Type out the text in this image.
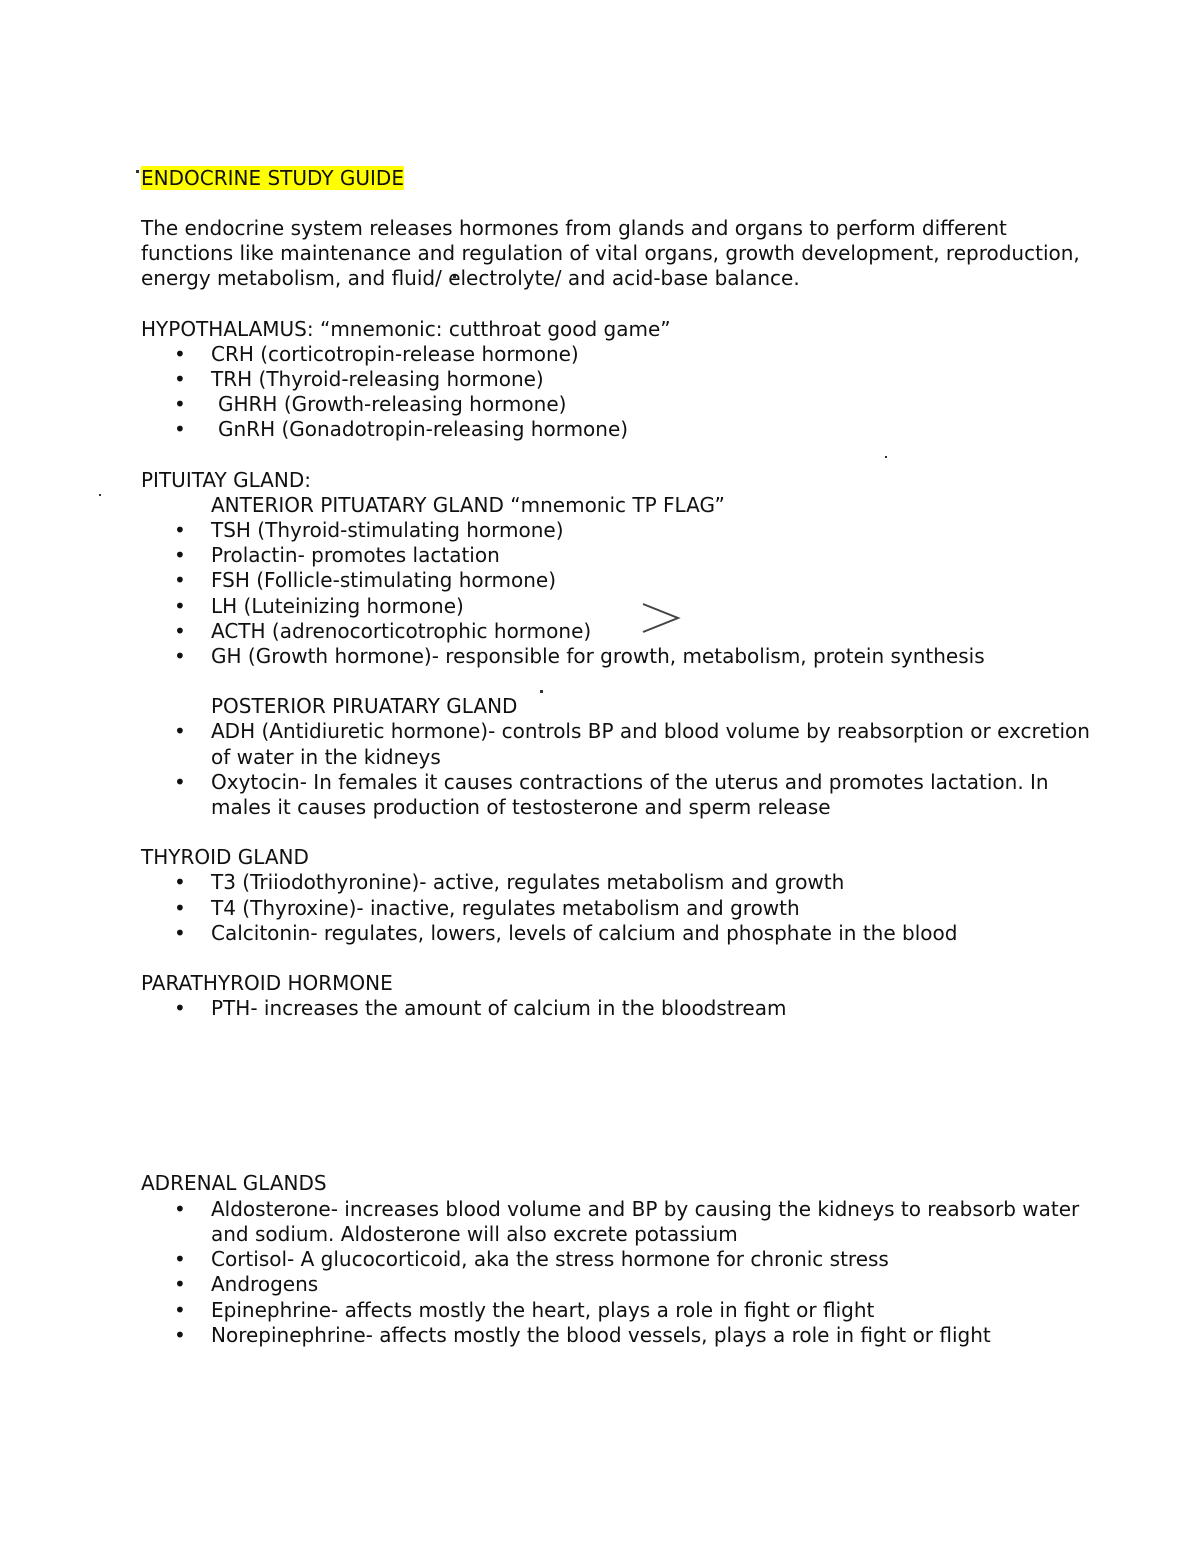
ENDOCRINE STUDY GUIDE
The endocrine system releases hormones from glands and organs to perform different functions like maintenance and regulation of vital organs, growth development, reproduction, energy metabolism, and fluid/ electrolyte/ and acid-base balance.
HYPOTHALAMUS: “mnemonic: cutthroat good game”
• CRH (corticotropin-release hormone)
• TRH (Thyroid-releasing hormone)
• GHRH (Growth-releasing hormone)
• GnRH (Gonadotropin-releasing hormone)
PITUITAY GLAND:
ANTERIOR PITUATARY GLAND “mnemonic TP FLAG”
• TSH (Thyroid-stimulating hormone)
• Prolactin- promotes lactation
• FSH (Follicle-stimulating hormone)
• LH (Luteinizing hormone)
• ACTH (adrenocorticotrophic hormone)
• GH (Growth hormone)- responsible for growth, metabolism, protein synthesis
POSTERIOR PIRUATARY GLAND
• ADH (Antidiuretic hormone)- controls BP and blood volume by reabsorption or excretion of water in the kidneys
• Oxytocin- In females it causes contractions of the uterus and promotes lactation. In males it causes production of testosterone and sperm release
THYROID GLAND
• T3 (Triiodothyronine)- active, regulates metabolism and growth
• T4 (Thyroxine)- inactive, regulates metabolism and growth
• Calcitonin- regulates, lowers, levels of calcium and phosphate in the blood
PARATHYROID HORMONE
• PTH- increases the amount of calcium in the bloodstream
ADRENAL GLANDS
• Aldosterone- increases blood volume and BP by causing the kidneys to reabsorb water and sodium. Aldosterone will also excrete potassium
• Cortisol- A glucocorticoid, aka the stress hormone for chronic stress
• Androgens
• Epinephrine- affects mostly the heart, plays a role in fight or flight
• Norepinephrine- affects mostly the blood vessels, plays a role in fight or flight
